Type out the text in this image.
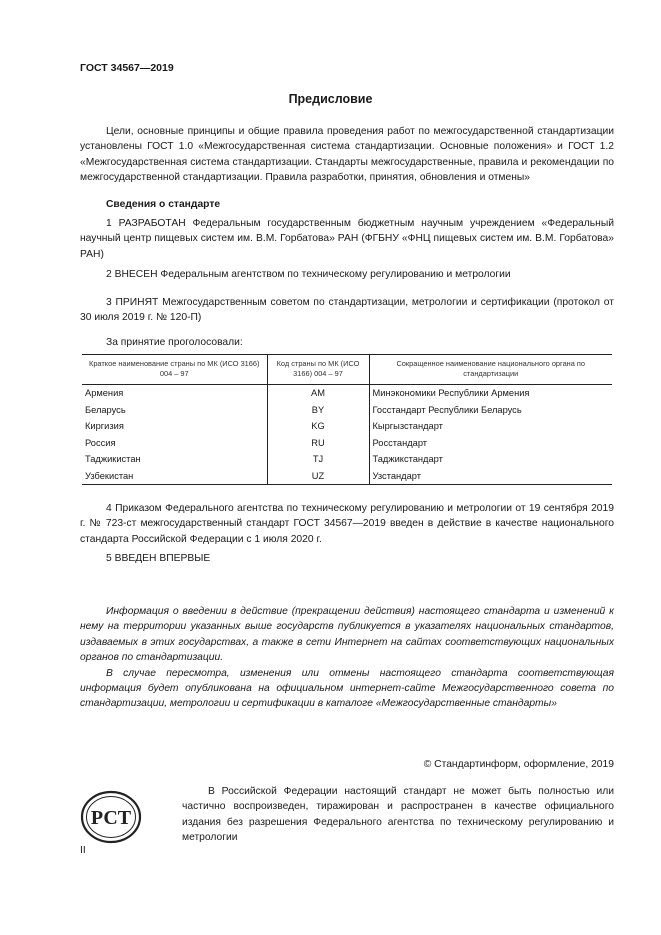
ГОСТ 34567—2019
Предисловие

Цели, основные принципы и общие правила проведения работ по межгосударственной стандартизации установлены ГОСТ 1.0 «Межгосударственная система стандартизации. Основные положения» и ГОСТ 1.2 «Межгосударственная система стандартизации. Стандарты межгосударственные, правила и рекомендации по межгосударственной стандартизации. Правила разработки, принятия, обновления и отмены»

Сведения о стандарте

1 РАЗРАБОТАН Федеральным государственным бюджетным научным учреждением «Федеральный научный центр пищевых систем им. В.М. Горбатова» РАН (ФГБНУ «ФНЦ пищевых систем им. В.М. Горбатова» РАН)

2 ВНЕСЕН Федеральным агентством по техническому регулированию и метрологии

3 ПРИНЯТ Межгосударственным советом по стандартизации, метрологии и сертификации (протокол от 30 июля 2019 г. № 120-П)

За принятие проголосовали:
Краткое наименование страны по МК (ИСО 3166) 004 – 97	Код страны по МК (ИСО 3166) 004 – 97	Сокращенное наименование национального органа по стандартизации
Армения	AM	Минэкономики Республики Армения
Беларусь	BY	Госстандарт Республики Беларусь
Киргизия	KG	Кыргызстандарт
Россия	RU	Росстандарт
Таджикистан	TJ	Таджикстандарт
Узбекистан	UZ	Узстандарт

4 Приказом Федерального агентства по техническому регулированию и метрологии от 19 сентября 2019 г. № 723-ст межгосударственный стандарт ГОСТ 34567—2019 введен в действие в качестве национального стандарта Российской Федерации с 1 июля 2020 г.

5 ВВЕДЕН ВПЕРВЫЕ

Информация о введении в действие (прекращении действия) настоящего стандарта и изменений к нему на территории указанных выше государств публикуется в указателях национальных стандартов, издаваемых в этих государствах, а также в сети Интернет на сайтах соответствующих национальных органов по стандартизации.

В случае пересмотра, изменения или отмены настоящего стандарта соответствующая информация будет опубликована на официальном интернет-сайте Межгосударственного совета по стандартизации, метрологии и сертификации в каталоге «Межгосударственные стандарты»

© Стандартинформ, оформление, 2019
РСТ

В Российской Федерации настоящий стандарт не может быть полностью или частично воспроизведен, тиражирован и распространен в качестве официального издания без разрешения Федерального агентства по техническому регулированию и метрологии

II
